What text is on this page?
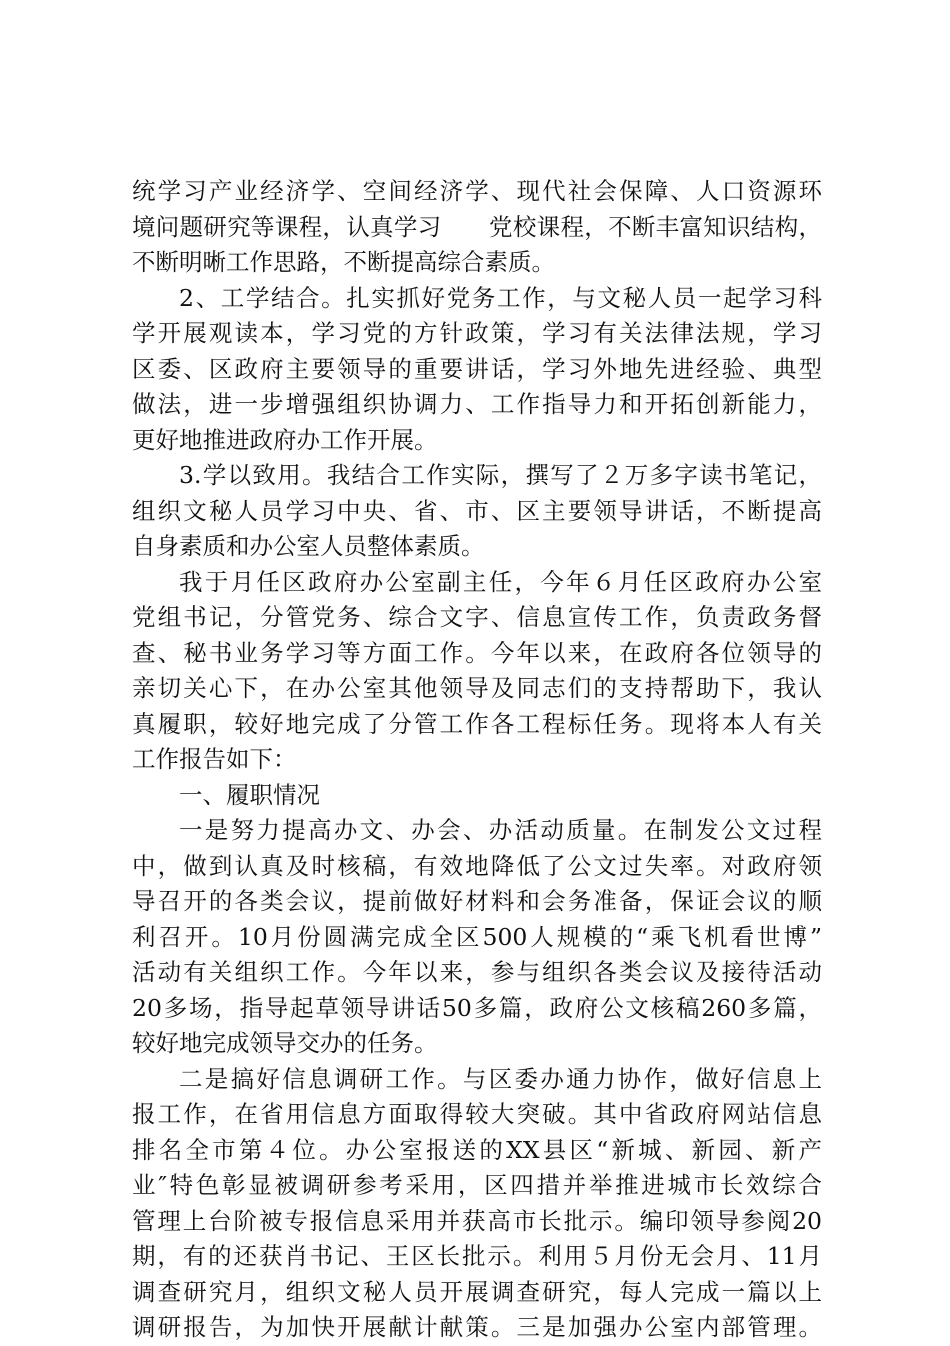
统学习产业经济学、空间经济学、现代社会保障、人口资源环
境问题研究等课程，认真学习　　党校课程，不断丰富知识结构，
不断明晰工作思路，不断提高综合素质。
2、工学结合。扎实抓好党务工作，与文秘人员一起学习科
学开展观读本，学习党的方针政策，学习有关法律法规，学习
区委、区政府主要领导的重要讲话，学习外地先进经验、典型
做法，进一步增强组织协调力、工作指导力和开拓创新能力，
更好地推进政府办工作开展。
3.学以致用。我结合工作实际，撰写了２万多字读书笔记，
组织文秘人员学习中央、省、市、区主要领导讲话，不断提高
自身素质和办公室人员整体素质。
我于月任区政府办公室副主任，今年６月任区政府办公室
党组书记，分管党务、综合文字、信息宣传工作，负责政务督
查、秘书业务学习等方面工作。今年以来，在政府各位领导的
亲切关心下，在办公室其他领导及同志们的支持帮助下，我认
真履职，较好地完成了分管工作各工程标任务。现将本人有关
工作报告如下：
一、履职情况
一是努力提高办文、办会、办活动质量。在制发公文过程
中，做到认真及时核稿，有效地降低了公文过失率。对政府领
导召开的各类会议，提前做好材料和会务准备，保证会议的顺
利召开。10月份圆满完成全区500人规模的“乘飞机看世博”
活动有关组织工作。今年以来，参与组织各类会议及接待活动
20多场，指导起草领导讲话50多篇，政府公文核稿260多篇，
较好地完成领导交办的任务。
二是搞好信息调研工作。与区委办通力协作，做好信息上
报工作，在省用信息方面取得较大突破。其中省政府网站信息
排名全市第４位。办公室报送的XX县区“新城、新园、新产
业″特色彰显被调研参考采用，区四措并举推进城市长效综合
管理上台阶被专报信息采用并获高市长批示。编印领导参阅20
期，有的还获肖书记、王区长批示。利用５月份无会月、11月
调查研究月，组织文秘人员开展调查研究，每人完成一篇以上
调研报告，为加快开展献计献策。三是加强办公室内部管理。
